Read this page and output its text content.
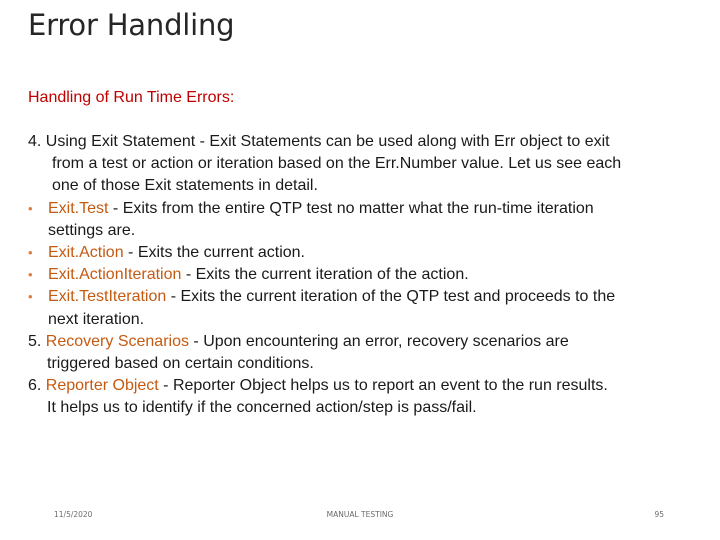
Error Handling
Handling of Run Time Errors:
4. Using Exit Statement - Exit Statements can be used along with Err object to exit
from a test or action or iteration based on the Err.Number value. Let us see each
one of those Exit statements in detail.
• Exit.Test - Exits from the entire QTP test no matter what the run-time iteration
settings are.
• Exit.Action - Exits the current action.
• Exit.ActionIteration - Exits the current iteration of the action.
• Exit.TestIteration - Exits the current iteration of the QTP test and proceeds to the
next iteration.
5. Recovery Scenarios - Upon encountering an error, recovery scenarios are
triggered based on certain conditions.
6. Reporter Object - Reporter Object helps us to report an event to the run results.
It helps us to identify if the concerned action/step is pass/fail.
11/5/2020	MANUAL TESTING	95
